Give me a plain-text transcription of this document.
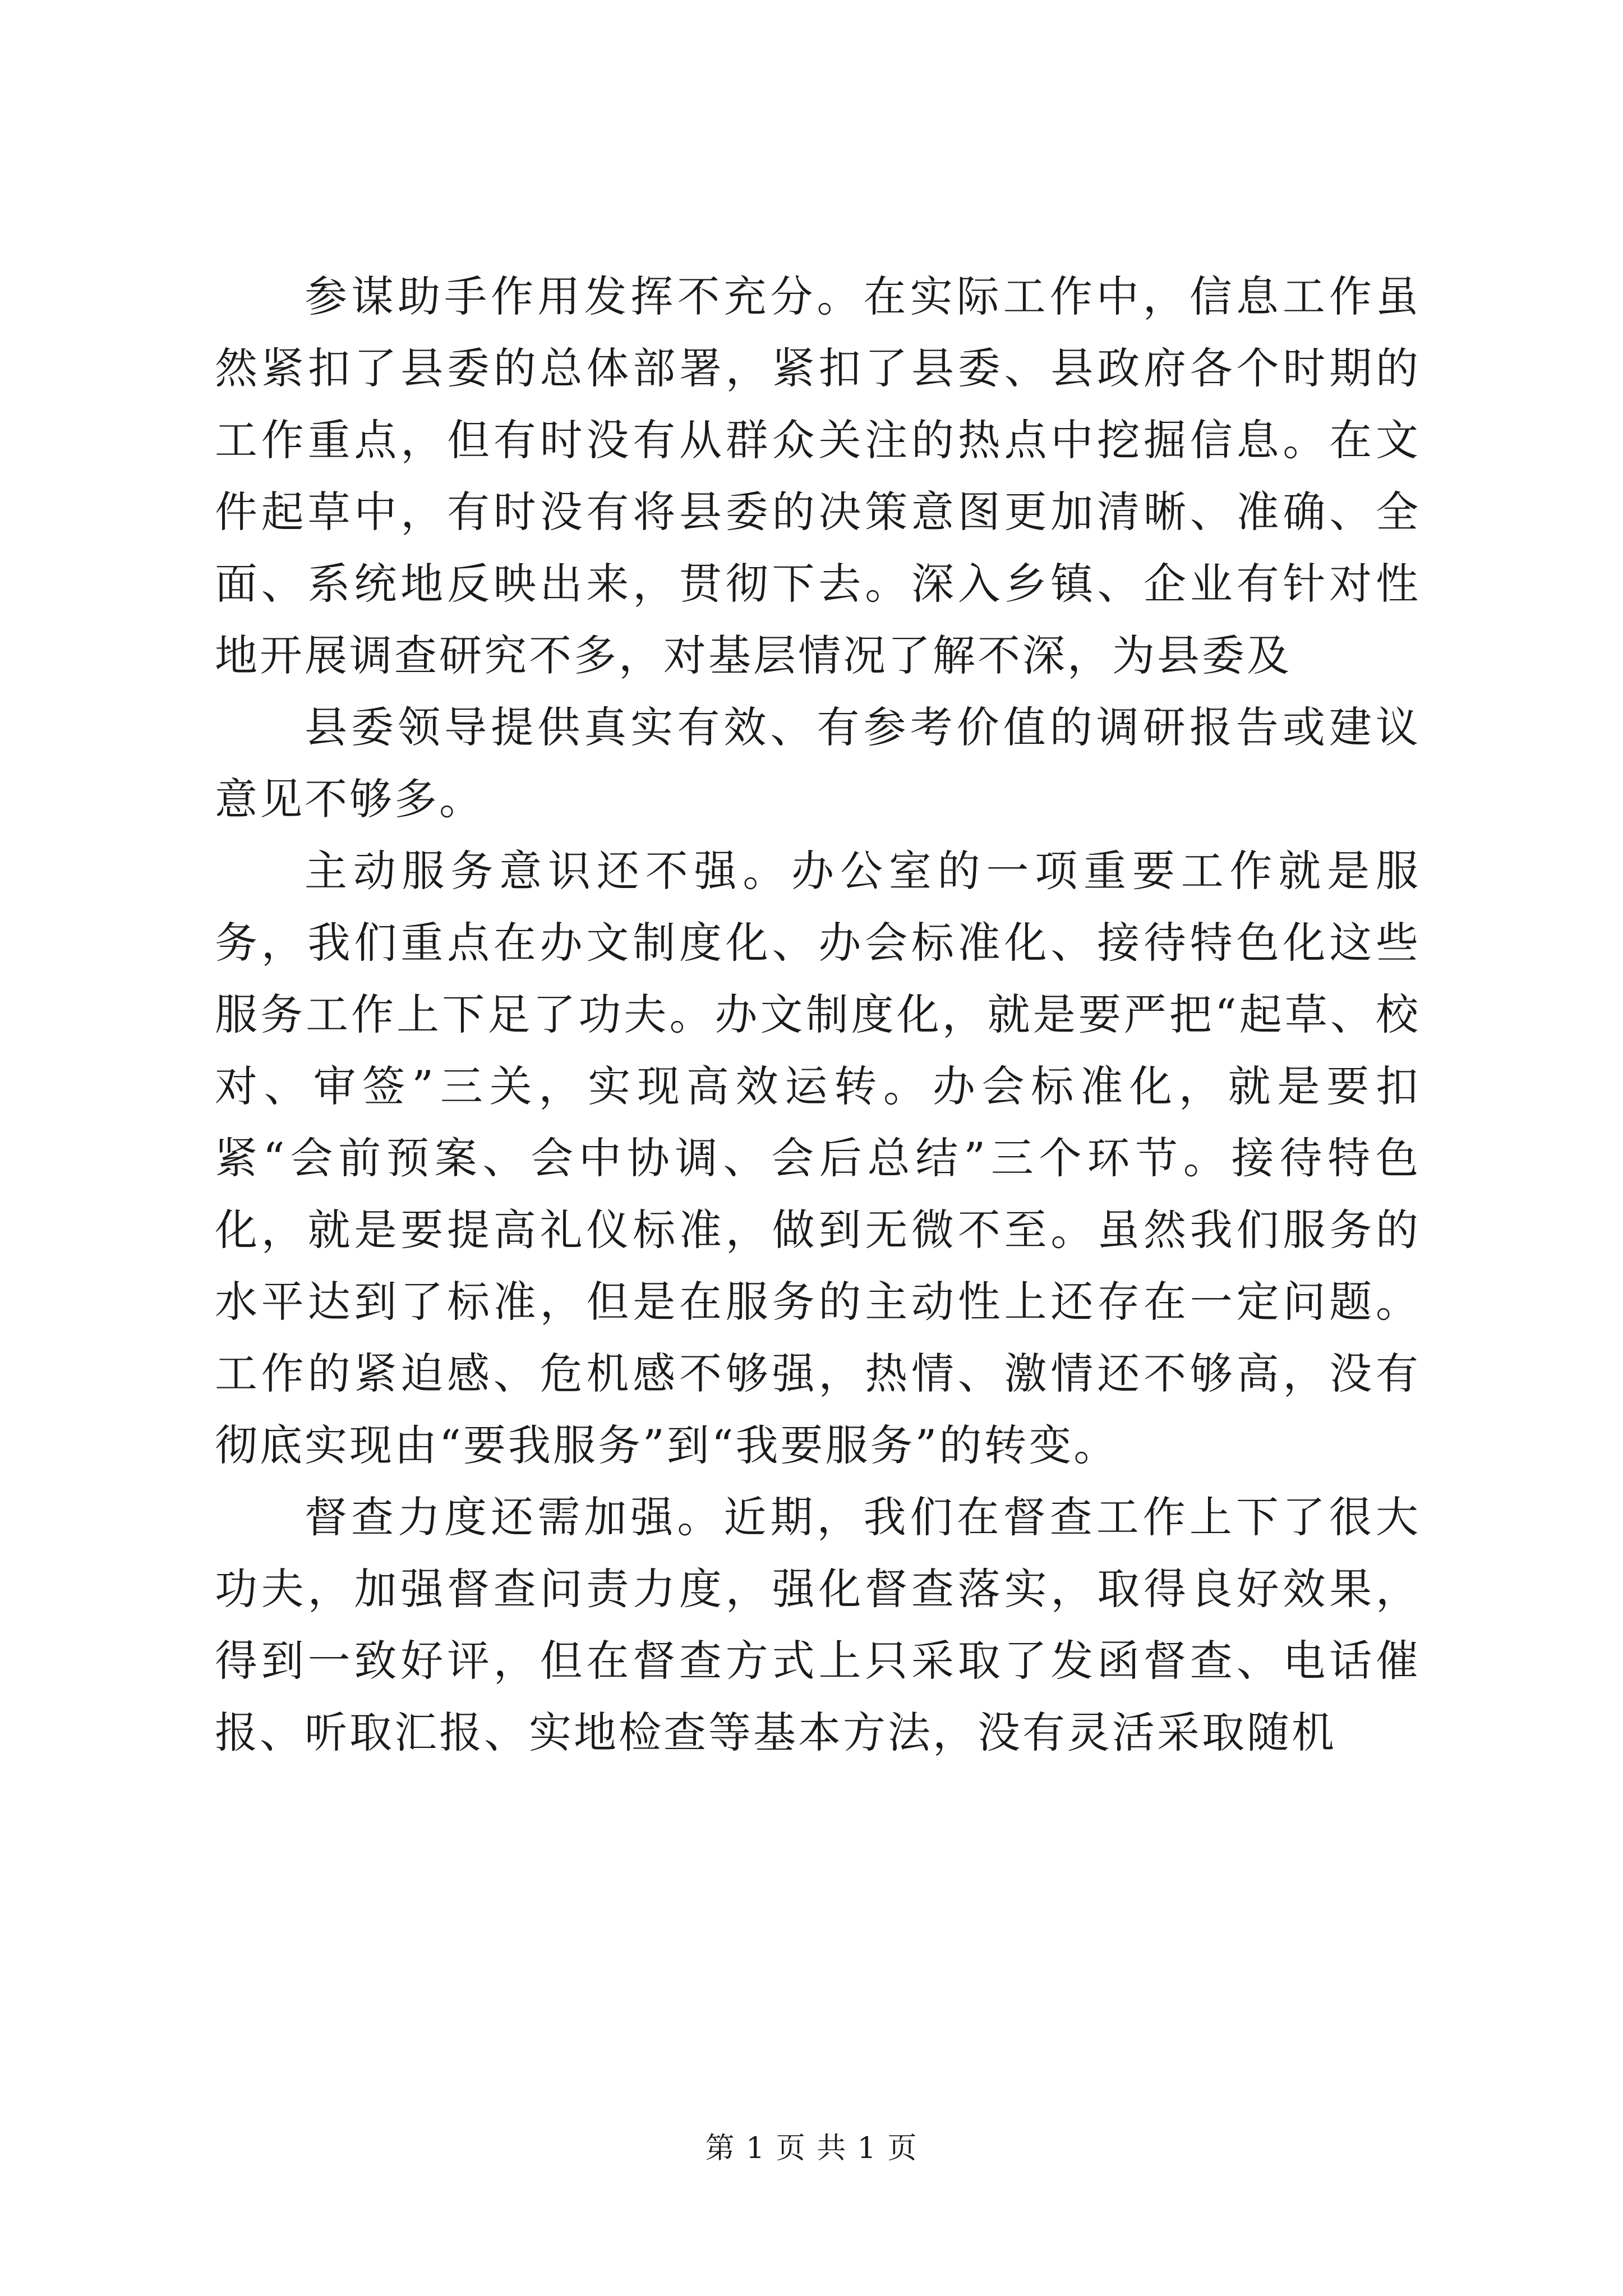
参谋助手作用发挥不充分。在实际工作中，信息工作虽然紧扣了县委的总体部署，紧扣了县委、县政府各个时期的工作重点，但有时没有从群众关注的热点中挖掘信息。在文件起草中，有时没有将县委的决策意图更加清晰、准确、全面、系统地反映出来，贯彻下去。深入乡镇、企业有针对性地开展调查研究不多，对基层情况了解不深，为县委及

县委领导提供真实有效、有参考价值的调研报告或建议意见不够多。

主动服务意识还不强。办公室的一项重要工作就是服务，我们重点在办文制度化、办会标准化、接待特色化这些服务工作上下足了功夫。办文制度化，就是要严把“起草、校对、审签”三关，实现高效运转。办会标准化，就是要扣紧“会前预案、会中协调、会后总结”三个环节。接待特色化，就是要提高礼仪标准，做到无微不至。虽然我们服务的水平达到了标准，但是在服务的主动性上还存在一定问题。工作的紧迫感、危机感不够强，热情、激情还不够高，没有彻底实现由“要我服务”到“我要服务”的转变。

督查力度还需加强。近期，我们在督查工作上下了很大功夫，加强督查问责力度，强化督查落实，取得良好效果，得到一致好评，但在督查方式上只采取了发函督查、电话催报、听取汇报、实地检查等基本方法，没有灵活采取随机

第 1 页 共 1 页
